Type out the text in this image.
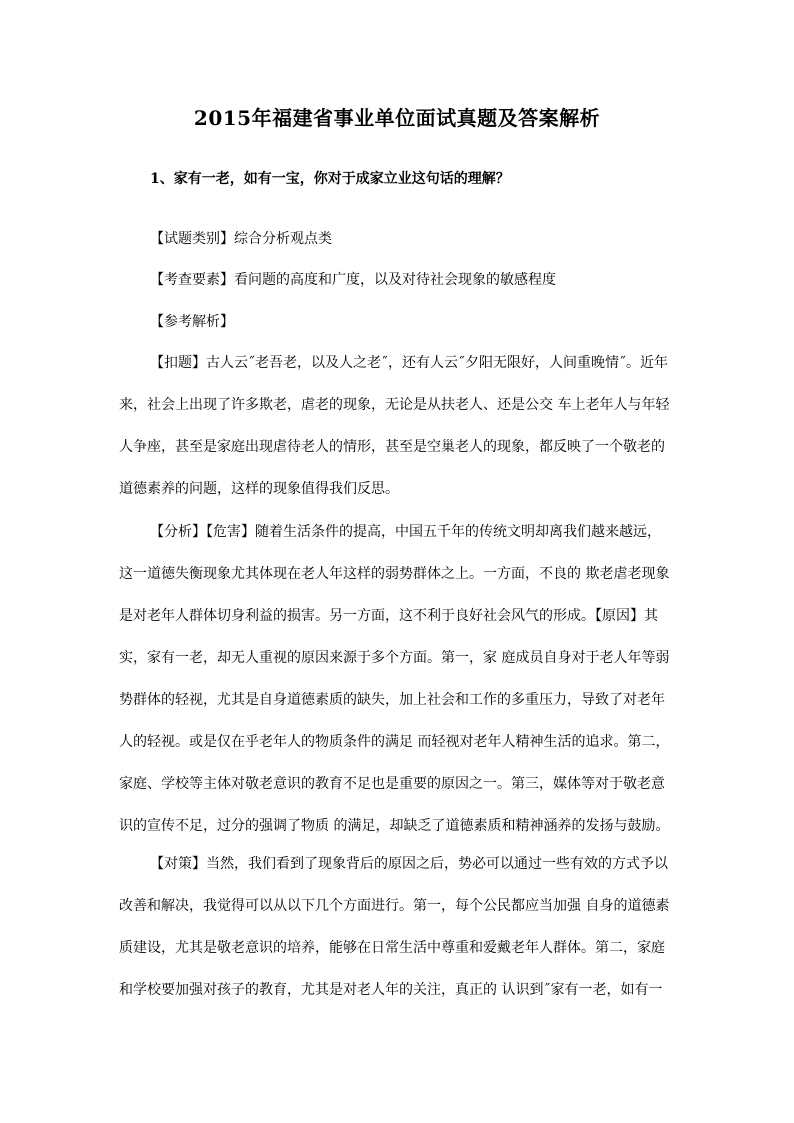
2015年福建省事业单位面试真题及答案解析
1、家有一老，如有一宝，你对于成家立业这句话的理解？
【试题类别】综合分析观点类
【考查要素】看问题的高度和广度，以及对待社会现象的敏感程度
【参考解析】
【扣题】古人云˝老吾老，以及人之老˝，还有人云˝夕阳无限好，人间重晚情˝。近年
来，社会上出现了许多欺老，虐老的现象，无论是从扶老人、还是公交 车上老年人与年轻
人争座，甚至是家庭出现虐待老人的情形，甚至是空巢老人的现象，都反映了一个敬老的
道德素养的问题，这样的现象值得我们反思。
【分析】【危害】随着生活条件的提高，中国五千年的传统文明却离我们越来越远，
这一道德失衡现象尤其体现在老人年这样的弱势群体之上。一方面，不良的 欺老虐老现象
是对老年人群体切身利益的损害。另一方面，这不利于良好社会风气的形成。【原因】其
实，家有一老，却无人重视的原因来源于多个方面。第一，家 庭成员自身对于老人年等弱
势群体的轻视，尤其是自身道德素质的缺失，加上社会和工作的多重压力，导致了对老年
人的轻视。或是仅在乎老年人的物质条件的满足 而轻视对老年人精神生活的追求。第二，
家庭、学校等主体对敬老意识的教育不足也是重要的原因之一。第三，媒体等对于敬老意
识的宣传不足，过分的强调了物质 的满足，却缺乏了道德素质和精神涵养的发扬与鼓励。
【对策】当然，我们看到了现象背后的原因之后，势必可以通过一些有效的方式予以
改善和解决，我觉得可以从以下几个方面进行。第一，每个公民都应当加强 自身的道德素
质建设，尤其是敬老意识的培养，能够在日常生活中尊重和爱戴老年人群体。第二，家庭
和学校要加强对孩子的教育，尤其是对老人年的关注，真正的 认识到˝家有一老，如有一
